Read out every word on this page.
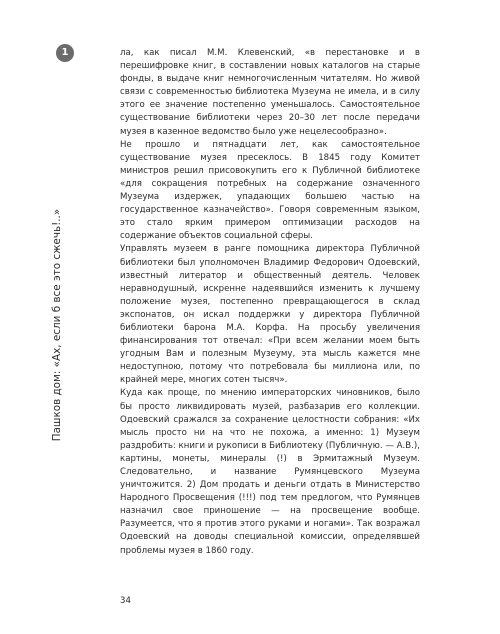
1
Пашков дом: «Ах, если б все это сжечь!..»

ла, как писал М.М. Клевенский, «в перестановке и в перешифровке книг, в составлении новых каталогов на старые фонды, в выдаче книг немногочисленным читателям. Но живой связи с современностью библиотека Музеума не имела, и в силу этого ее значение постепенно уменьшалось. Самостоятельное существование библиотеки через 20–30 лет после передачи музея в казенное ведомство было уже нецелесообразно».

Не прошло и пятнадцати лет, как самостоятельное существование музея пресеклось. В 1845 году Комитет министров решил присовокупить его к Публичной библиотеке «для сокращения потребных на содержание означенного Музеума издержек, упадающих большею частью на государственное казначейство». Говоря современным языком, это стало ярким примером оптимизации расходов на содержание объектов социальной сферы.

Управлять музеем в ранге помощника директора Публичной библиотеки был уполномочен Владимир Федорович Одоевский, известный литератор и общественный деятель. Человек неравнодушный, искренне надеявшийся изменить к лучшему положение музея, постепенно превращающегося в склад экспонатов, он искал поддержки у директора Публичной библиотеки барона М.А. Корфа. На просьбу увеличения финансирования тот отвечал: «При всем желании моем быть угодным Вам и полезным Музеуму, эта мысль кажется мне недоступною, потому что потребовала бы миллиона или, по крайней мере, многих сотен тысяч».

Куда как проще, по мнению императорских чиновников, было бы просто ликвидировать музей, разбазарив его коллекции. Одоевский сражался за сохранение целостности собрания: «Их мысль просто ни на что не похожа, а именно: 1) Музеум раздробить: книги и рукописи в Библиотеку (Публичную. — А.В.), картины, монеты, минералы (!) в Эрмитажный Музеум. Следовательно, и название Румянцевского Музеума уничтожится. 2) Дом продать и деньги отдать в Министерство Народного Просвещения (!!!) под тем предлогом, что Румянцев назначил свое приношение — на просвещение вообще. Разумеется, что я против этого руками и ногами». Так возражал Одоевский на доводы специальной комиссии, определявшей проблемы музея в 1860 году.

34
